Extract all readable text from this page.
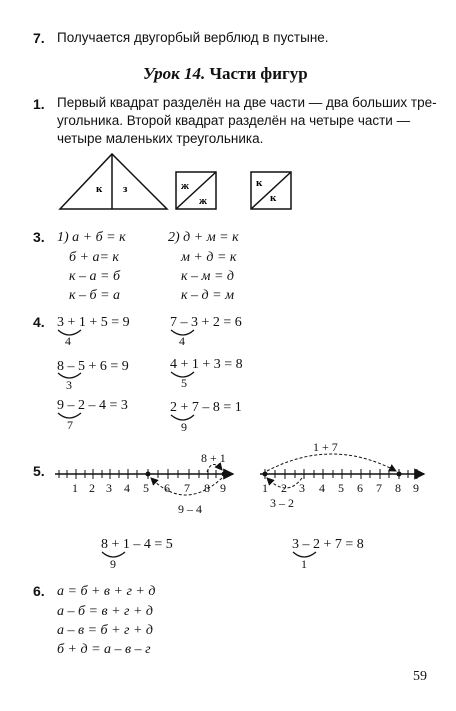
7. Получается двугорбый верблюд в пустыне.
Урок 14. Части фигур
1. Первый квадрат разделён на две части — два больших тре-
угольника. Второй квадрат разделён на четыре части —
четыре маленьких треугольника.
к з	ж
ж
к
к
3. 1) а + б = к
б + а= к
к – а = б
к – б = а
2) д + м = к
м + д = к
к – м = д
к – д = м
4. 3 + 1 + 5 = 9
4
8 – 5 + 6 = 9
3
9 – 2 – 4 = 3
7
7 – 3 + 2 = 6
4
4 + 1 + 3 = 8
5
2 + 7 – 8 = 1
9
5.
8 + 1
9 – 4
1 + 7
3 – 2
1 2 3 4 5 6 7 8 9	1 2 3 4 5 6 7 8 9
8 + 1 – 4 = 5
9
3 – 2 + 7 = 8
1
6. а = б + в + г + д
а – б = в + г + д
а – в = б + г + д
б + д = а – в – г
59
